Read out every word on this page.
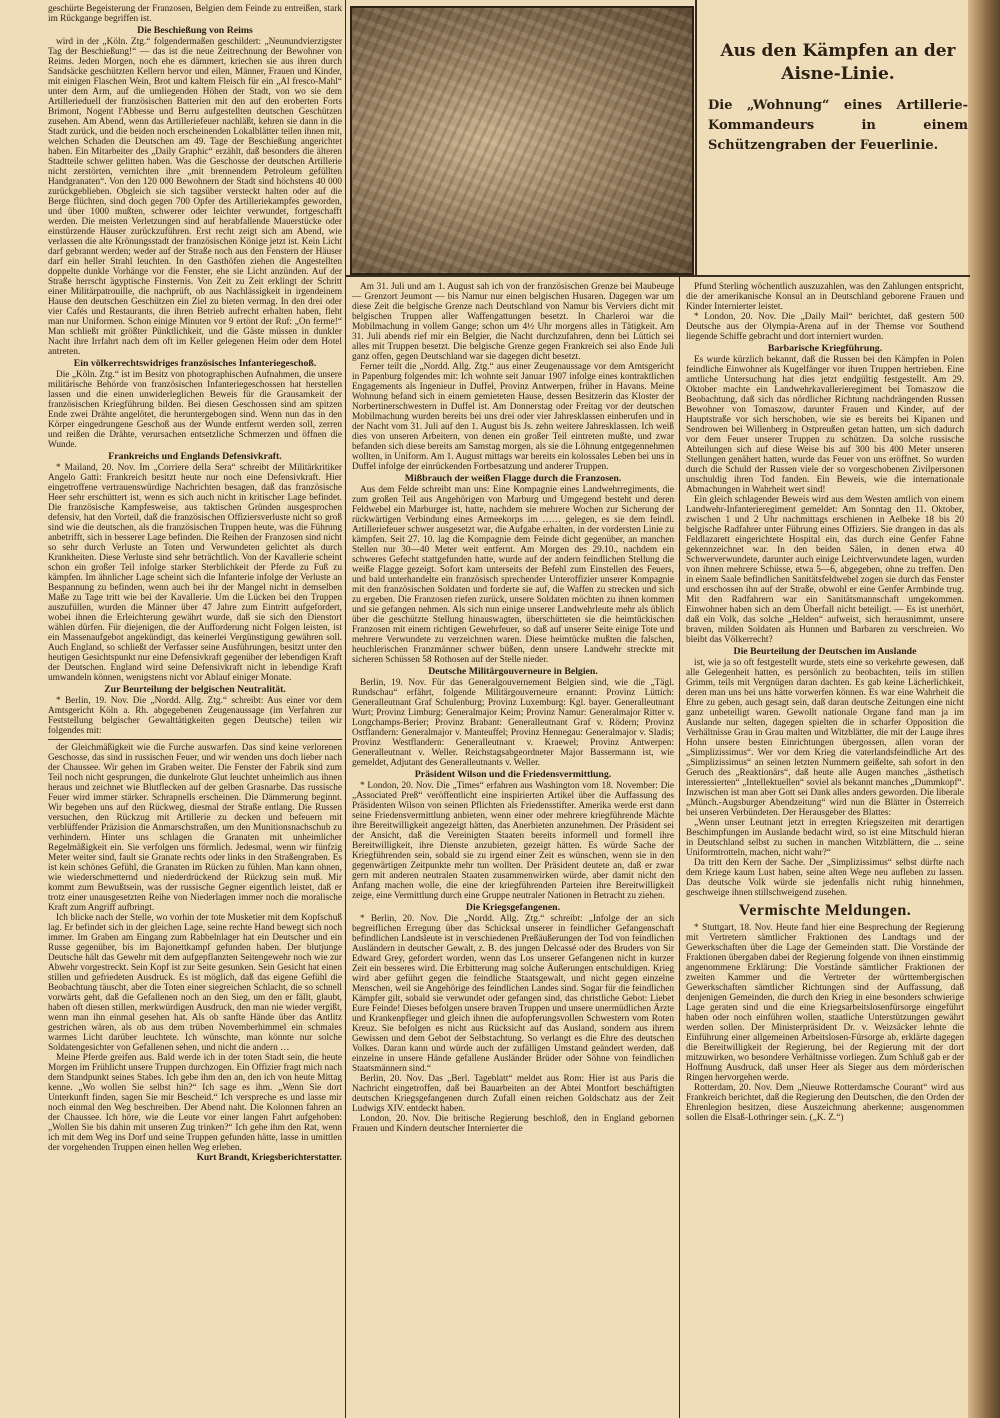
geschürte Begeisterung der Franzosen, Belgien dem Feinde zu entreißen, stark im Rückgange begriffen ist.

Die Beschießung von Reims

wird in der „Köln. Ztg.“ folgendermaßen geschildert: „Neunundvierzigster Tag der Beschießung!“ — das ist die neue Zeitrechnung der Bewohner von Reims. Jeden Morgen, noch ehe es dämmert, kriechen sie aus ihren durch Sandsäcke geschützten Kellern hervor und eilen, Männer, Frauen und Kinder, mit einigen Flaschen Wein, Brot und kaltem Fleisch für ein „Al fresco-Mahl“ unter dem Arm, auf die umliegenden Höhen der Stadt, von wo sie dem Artillerieduell der französischen Batterien mit den auf den eroberten Forts Brimont, Nogent l'Abbesse und Berru aufgestellten deutschen Geschützen zusehen. Am Abend, wenn das Artilleriefeuer nachläßt, kehren sie dann in die Stadt zurück, und die beiden noch erscheinenden Lokalblätter teilen ihnen mit, welchen Schaden die Deutschen am 49. Tage der Beschießung angerichtet haben. Ein Mitarbeiter des „Daily Graphic“ erzählt, daß besonders die älteren Stadtteile schwer gelitten haben. Was die Geschosse der deutschen Artillerie nicht zerstörten, vernichten ihre „mit brennendem Petroleum gefüllten Handgranaten“. Von den 120 000 Bewohnern der Stadt sind höchstens 40 000 zurückgeblieben. Obgleich sie sich tagsüber versteckt halten oder auf die Berge flüchten, sind doch gegen 700 Opfer des Artilleriekampfes geworden, und über 1000 mußten, schwerer oder leichter verwundet, fortgeschafft werden. Die meisten Verletzungen sind auf herabfallende Mauerstücke oder einstürzende Häuser zurückzuführen. Erst recht zeigt sich am Abend, wie verlassen die alte Krönungsstadt der französischen Könige jetzt ist. Kein Licht darf gebrannt werden; weder auf der Straße noch aus den Fenstern der Häuser darf ein heller Strahl leuchten. In den Gasthöfen ziehen die Angestellten doppelte dunkle Vorhänge vor die Fenster, ehe sie Licht anzünden. Auf der Straße herrscht ägyptische Finsternis. Von Zeit zu Zeit erklingt der Schritt einer Militärpatrouille, die nachprüft, ob aus Nachlässigkeit in irgendeinem Hause den deutschen Geschützen ein Ziel zu bieten vermag. In den drei oder vier Cafés und Restaurants, die ihren Betrieb aufrecht erhalten haben, fleht man nur Uniformen. Schon einige Minuten vor 9 ertönt der Ruf: „On ferme!“ Man schließt mit größter Pünktlichkeit, und die Gäste müssen in dunkler Nacht ihre Irrfahrt nach dem oft im Keller gelegenen Heim oder dem Hotel antreten.

Ein völkerrechtswidriges französisches Infanteriegeschoß.

Die „Köln. Ztg.“ ist im Besitz von photographischen Aufnahmen, die unsere militärische Behörde von französischen Infanteriegeschossen hat herstellen lassen und die einen unwiderleglichen Beweis für die Grausamkeit der französischen Kriegführung bilden. Bei diesen Geschossen sind am spitzen Ende zwei Drähte angelötet, die heruntergebogen sind. Wenn nun das in den Körper eingedrungene Geschoß aus der Wunde entfernt werden soll, zerren und reißen die Drähte, verursachen entsetzliche Schmerzen und öffnen die Wunde.

Frankreichs und Englands Defensivkraft.

* Mailand, 20. Nov. Im „Corriere della Sera“ schreibt der Militärkritiker Angelo Gatti: Frankreich besitzt heute nur noch eine Defensivkraft. Hier eingetroffene vertrauenswürdige Nachrichten besagen, daß das französische Heer sehr erschüttert ist, wenn es sich auch nicht in kritischer Lage befindet. Die französische Kampfesweise, aus taktischen Gründen ausgesprochen defensiv, hat den Vorteil, daß die französischen Offiziersverluste nicht so groß sind wie die deutschen, als die französischen Truppen heute, was die Führung anbetrifft, sich in besserer Lage befinden. Die Reihen der Franzosen sind nicht so sehr durch Verluste an Toten und Verwundeten gelichtet als durch Krankheiten. Diese Verluste sind sehr beträchtlich. Von der Kavallerie scheint schon ein großer Teil infolge starker Sterblichkeit der Pferde zu Fuß zu kämpfen. Im ähnlicher Lage scheint sich die Infanterie infolge der Verluste an Bespannung zu befinden, wenn auch bei ihr der Mangel nicht in demselben Maße zu Tage tritt wie bei der Kavallerie. Um die Lücken bei den Truppen auszufüllen, wurden die Männer über 47 Jahre zum Eintritt aufgefordert, wobei ihnen die Erleichterung gewährt wurde, daß sie sich den Dienstort wählen dürfen. Für diejenigen, die der Aufforderung nicht Folgen leisten, ist ein Massenaufgebot angekündigt, das keinerlei Vergünstigung gewähren soll. Auch England, so schließt der Verfasser seine Ausführungen, besitzt unter den heutigen Gesichtspunkt nur eine Defensivkraft gegenüber der lebendigen Kraft der Deutschen. England wird seine Defensivkraft nicht in lebendige Kraft umwandeln können, wenigstens nicht vor Ablauf einiger Monate.

Zur Beurteilung der belgischen Neutralität.

* Berlin, 19. Nov. Die „Nordd. Allg. Ztg.“ schreibt: Aus einer vor dem Amtsgericht Köln a. Rh. abgegebenen Zeugenaussage (im Verfahren zur Feststellung belgischer Gewalttätigkeiten gegen Deutsche) teilen wir folgendes mit:

der Gleichmäßigkeit wie die Furche auswarfen. Das sind keine verlorenen Geschosse, das sind in russischen Feuer, und wir wenden uns doch lieber nach der Chaussee. Wir gehen im Graben weiter. Die Fenster der Fabrik sind zum Teil noch nicht gesprungen, die dunkelrote Glut leuchtet unheimlich aus ihnen heraus und zeichnet wie Blutflecken auf der gelben Grasnarbe. Das russische Feuer wird immer stärker. Schrapnells erscheinen. Die Dämmerung beginnt. Wir begeben uns auf den Rückweg, diesmal der Straße entlang. Die Russen versuchen, den Rückzug mit Artillerie zu decken und befeuern mit verblüffender Präzision die Anmarschstraßen, um den Munitionsnachschub zu verhindern. Hinter uns schlagen die Granaten mit unheimlicher Regelmäßigkeit ein. Sie verfolgen uns förmlich. Jedesmal, wenn wir fünfzig Meter weiter sind, fault sie Granate rechts oder links in den Straßengraben. Es ist kein schönes Gefühl, die Granaten im Rücken zu fühlen. Man kann ohnen, wie wiederschmetternd und niederdrückend der Rückzug sein muß. Mir kommt zum Bewußtsein, was der russische Gegner eigentlich leistet, daß er trotz einer unausgesetzten Reihe von Niederlagen immer noch die moralische Kraft zum Angriff aufbringt.

Ich blicke nach der Stelle, wo vorhin der tote Musketier mit dem Kopfschuß lag. Er befindet sich in der gleichen Lage, seine rechte Hand bewegt sich noch immer. Im Graben am Eingang zum Rabbelnlager hat ein Deutscher und ein Russe gegenüber, bis im Bajonettkampf gefunden haben. Der blutjunge Deutsche hält das Gewehr mit dem aufgepflanzten Seitengewehr noch wie zur Abwehr vorgestreckt. Sein Kopf ist zur Seite gesunken. Sein Gesicht hat einen stillen und gefriedeten Ausdruck. Es ist möglich, daß das eigene Gefühl die Beobachtung täuscht, aber die Toten einer siegreichen Schlacht, die so schnell vorwärts geht, daß die Gefallenen noch an den Sieg, um den er fällt, glaubt, haben oft diesen stillen, merkwürdigen Ausdruck, den man nie wieder vergißt, wenn man ihn einmal gesehen hat. Als ob sanfte Hände über das Antlitz gestrichen wären, als ob aus dem trüben Novemberhimmel ein schmales warmes Licht darüber leuchtete. Ich wünschte, man könnte nur solche Soldatengesichter von Gefallenen sehen, und nicht die andern …

Meine Pferde greifen aus. Bald werde ich in der toten Stadt sein, die heute Morgen im Frühlicht unsere Truppen durchzogen. Ein Offizier fragt mich nach dem Standpunkt seines Stabes. Ich gebe ihm den an, den ich von heute Mittag kenne. „Wo wollen Sie selbst hin?“ Ich sage es ihm. „Wenn Sie dort Unterkunft finden, sagen Sie mir Bescheid.“ Ich verspreche es und lasse mir noch einmal den Weg beschreiben. Der Abend naht. Die Kolonnen fahren an der Chaussee. Ich höre, wie die Leute vor einer langen Fahrt aufgehoben: „Wollen Sie bis dahin mit unseren Zug trinken?“ Ich gehe ihm den Rat, wenn ich mit dem Weg ins Dorf und seine Truppen gefunden hätte, lasse in umittlen der vorgehenden Truppen einen hellen Weg erleben.

Kurt Brandt, Kriegsberichterstatter.
Aus den Kämpfen an der Aisne-Linie.
Die „Wohnung“ eines Artillerie-Kommandeurs in einem Schützengraben der Feuerlinie.

Am 31. Juli und am 1. August sah ich von der französischen Grenze bei Maubeuge — Grenzort Jeumont — bis Namur nur einen belgischen Husaren. Dagegen war um diese Zeit die belgische Grenze nach Deutschland von Namur bis Verviers dicht mit belgischen Truppen aller Waffengattungen besetzt. In Charleroi war die Mobilmachung in vollem Gange; schon um 4½ Uhr morgens alles in Tätigkeit. Am 31. Juli abends rief mir ein Belgier, die Nacht durchzufahren, denn bei Lüttich sei alles mit Truppen besetzt. Die belgische Grenze gegen Frankreich sei also Ende Juli ganz offen, gegen Deutschland war sie dagegen dicht besetzt.

Ferner teilt die „Nordd. Allg. Ztg.“ aus einer Zeugenaussage vor dem Amtsgericht in Papenburg folgendes mit: Ich wohnte seit Januar 1907 infolge eines kontraktlichen Engagements als Ingenieur in Duffel, Provinz Antwerpen, früher in Havans. Meine Wohnung befand sich in einem gemieteten Hause, dessen Besitzerin das Kloster der Norbertinerschwestern in Duffel ist. Am Donnerstag oder Freitag vor der deutschen Mobilmachung wurden bereits bei uns drei oder vier Jahresklassen einberufen und in der Nacht vom 31. Juli auf den 1. August bis Js. zehn weitere Jahresklassen. Ich weiß dies von unseren Arbeitern, von denen ein großer Teil eintreten mußte, und zwar befanden sich diese bereits am Samstag morgen, als sie die Löhnung entgegennehmen wollten, in Uniform. Am 1. August mittags war bereits ein kolossales Leben bei uns in Duffel infolge der einrückenden Fortbesatzung und anderer Truppen.

Mißbrauch der weißen Flagge durch die Franzosen.

Aus dem Felde schreibt man uns: Eine Kompagnie eines Landwehrregiments, die zum großen Teil aus Angehörigen von Marburg und Umgegend besteht und deren Feldwebel ein Marburger ist, hatte, nachdem sie mehrere Wochen zur Sicherung der rückwärtigen Verbindung eines Armeekorps im …… gelegen, es sie dem feindl. Artilleriefeuer schwer ausgesetzt war, die Aufgabe erhalten, in der vordersten Linie zu kämpfen. Seit 27. 10. lag die Kompagnie dem Feinde dicht gegenüber, an manchen Stellen nur 30—40 Meter weit entfernt. Am Morgen des 29.10., nachdem ein schweres Gefecht stattgefunden hatte, wurde auf der andern feindlichen Stellung die weiße Flagge gezeigt. Sofort kam unterseits der Befehl zum Einstellen des Feuers, und bald unterhandelte ein französisch sprechender Unteroffizier unserer Kompagnie mit den französischen Soldaten und forderte sie auf, die Waffen zu strecken und sich zu ergeben. Die Franzosen riefen zurück, unsere Soldaten möchten zu ihnen kommen und sie gefangen nehmen. Als sich nun einige unserer Landwehrleute mehr als üblich über die geschützte Stellung hinauswagten, überschütteten sie die heimtückischen Franzosen mit einem richtigen Gewehrfeuer, so daß auf unserer Seite einige Tote und mehrere Verwundete zu verzeichnen waren. Diese heimtücke mußten die falschen, heuchlerischen Franzmänner schwer büßen, denn unsere Landwehr streckte mit sicheren Schüssen 58 Rothosen auf der Stelle nieder.

Deutsche Militärgouverneure in Belgien.

Berlin, 19. Nov. Für das Generalgouvernement Belgien sind, wie die „Tägl. Rundschau“ erfährt, folgende Militärgouverneure ernannt: Provinz Lüttich: Generalleutnant Graf Schulenburg; Provinz Luxemburg: Kgl. bayer. Generalleutnant Wurt; Provinz Limburg: Generalmajor Keim; Provinz Namur: Generalmajor Ritter v. Longchamps-Berier; Provinz Brabant: Generalleutnant Graf v. Rödern; Provinz Ostflandern: Generalmajor v. Manteuffel; Provinz Hennegau: Generalmajor v. Sladis; Provinz Westflandern: Generalleutnant v. Kraewel; Provinz Antwerpen: Generalleutnant v. Weller. Reichstagsabgeordneter Major Bassermann ist, wie gemeldet, Adjutant des Generalleutnants v. Weller.

Präsident Wilson und die Friedensvermittlung.

* London, 20. Nov. Die „Times“ erfahren aus Washington vom 18. November: Die „Associated Preß“ veröffentlicht eine inspirierten Artikel über die Auffassung des Präsidenten Wilson von seinen Pflichten als Friedensstifter. Amerika werde erst dann seine Friedensvermittlung anbieten, wenn einer oder mehrere kriegführende Mächte ihre Bereitwilligkeit angezeigt hätten, das Anerbieten anzunehmen. Der Präsident sei der Ansicht, daß die Vereinigten Staaten bereits informell und formell ihre Bereitwilligkeit, ihre Dienste anzubieten, gezeigt hätten. Es würde Sache der Kriegführenden sein, sobald sie zu irgend einer Zeit es wünschen, wenn sie in den gegenwärtigen Zeitpunkte mehr tun wollten. Der Präsident deutete an, daß er zwar gern mit anderen neutralen Staaten zusammenwirken würde, aber damit nicht den Anfang machen wolle, die eine der kriegführenden Parteien ihre Bereitwilligkeit zeige, eine Vermittlung durch eine Gruppe neutraler Nationen in Betracht zu ziehen.

Die Kriegsgefangenen.

* Berlin, 20. Nov. Die „Nordd. Allg. Ztg.“ schreibt: „Infolge der an sich begreiflichen Erregung über das Schicksal unserer in feindlicher Gefangenschaft befindlichen Landsleute ist in verschiedenen Preßäußerungen der Tod von feindlichen Ausländern in deutscher Gewalt, z. B. des jungen Delcassé oder des Bruders von Sir Edward Grey, gefordert worden, wenn das Los unserer Gefangenen nicht in kurzer Zeit ein besseres wird. Die Erbitterung mag solche Äußerungen entschuldigen. Krieg wird aber geführt gegen die feindliche Staatsgewalt, und nicht gegen einzelne Menschen, weil sie Angehörige des feindlichen Landes sind. Sogar für die feindlichen Kämpfer gilt, sobald sie verwundet oder gefangen sind, das christliche Gebot: Liebet Eure Feinde! Dieses befolgen unsere braven Truppen und unsere unermüdlichen Ärzte und Krankenpfleger und gleich ihnen die aufopferungsvollen Schwestern vom Roten Kreuz. Sie befolgen es nicht aus Rücksicht auf das Ausland, sondern aus ihrem Gewissen und dem Gebot der Selbstachtung. So verlangt es die Ehre des deutschen Volkes. Daran kann und würde auch der zufälligen Umstand geändert werden, daß einzelne in unsere Hände gefallene Ausländer Brüder oder Söhne von feindlichen Staatsmännern sind.“

Berlin, 20. Nov. Das „Berl. Tageblatt“ meldet aus Rom: Hier ist aus Paris die Nachricht eingetroffen, daß bei Bauarbeiten an der Abtei Montfort beschäftigten deutschen Kriegsgefangenen durch Zufall einen reichen Goldschatz aus der Zeit Ludwigs XIV. entdeckt haben.

London, 20. Nov. Die britische Regierung beschloß, den in England gebornen Frauen und Kindern deutscher Internierter die

Pfund Sterling wöchentlich auszuzahlen, was den Zahlungen entspricht, die der amerikanische Konsul an in Deutschland geborene Frauen und Kinder Internierter leistet.

* London, 20. Nov. Die „Daily Mail“ berichtet, daß gestern 500 Deutsche aus der Olympia-Arena auf in der Themse vor Southend liegende Schiffe gebracht und dort interniert wurden.

Barbarische Kriegführung.

Es wurde kürzlich bekannt, daß die Russen bei den Kämpfen in Polen feindliche Einwohner als Kugelfänger vor ihren Truppen hertrieben. Eine amtliche Untersuchung hat dies jetzt endgültig festgestellt. Am 29. Oktober machte ein Landwehrkavallerieregiment bei Tomaszow die Beobachtung, daß sich das nördlicher Richtung nachdrängenden Russen Bewohner von Tomaszow, darunter Frauen und Kinder, auf der Hauptstraße vor sich herschoben, wie sie es bereits bei Kipanen und Sendrowen bei Willenberg in Ostpreußen getan hatten, um sich dadurch vor dem Feuer unserer Truppen zu schützen. Da solche russische Abteilungen sich auf diese Weise bis auf 300 bis 400 Meter unseren Stellungen genähert hatten, wurde das Feuer von uns eröffnet. So wurden durch die Schuld der Russen viele der so vorgeschobenen Zivilpersonen unschuldig ihren Tod fanden. Ein Beweis, wie die internationale Abmachungen in Wahrheit wert sind!

Ein gleich schlagender Beweis wird aus dem Westen amtlich von einem Landwehr-Infanterieregiment gemeldet: Am Sonntag den 11. Oktober, zwischen 1 und 2 Uhr nachmittags erschienen in Aelbeke 18 bis 20 belgische Radfahrer unter Führung eines Offiziers. Sie drangen in das als Feldlazarett eingerichtete Hospital ein, das durch eine Genfer Fahne gekennzeichnet war. In den beiden Sälen, in denen etwa 40 Schwerverwundete, darunter auch einige Leichtverwundete lagen, wurden von ihnen mehrere Schüsse, etwa 5—6, abgegeben, ohne zu treffen. Den in einem Saale befindlichen Sanitätsfeldwebel zogen sie durch das Fenster und erschossen ihn auf der Straße, obwohl er eine Genfer Armbinde trug. Mit den Radfahrern war ein Sanitätsmannschaft umgekommen. Einwohner haben sich an dem Überfall nicht beteiligt. — Es ist unerhört, daß ein Volk, das solche „Helden“ aufweist, sich herausnimmt, unsere braven, milden Soldaten als Hunnen und Barbaren zu verschreien. Wo bleibt das Völkerrecht?

Die Beurteilung der Deutschen im Auslande

ist, wie ja so oft festgestellt wurde, stets eine so verkehrte gewesen, daß alle Gelegenheit hatten, es persönlich zu beobachten, teils im stillen Grimm, teils mit Vergnügen daran dachten. Es gab keine Lächerlichkeit, deren man uns bei uns hätte vorwerfen können. Es war eine Wahrheit die Ehre zu geben, auch gesagt sein, daß daran deutsche Zeitungen eine nicht ganz unbeteiligt waren. Gewollt nationale Organe fand man ja im Auslande nur selten, dagegen spielten die in scharfer Opposition die Verhältnisse Grau in Grau malten und Witzblätter, die mit der Lauge ihres Hohn unsere besten Einrichtungen übergossen, allen voran der „Simplizissimus“. Wer vor dem Krieg die vaterlandsfeindliche Art des „Simplizissimus“ an seinen letzten Nummern geißelte, sah sofort in den Geruch des „Reaktionärs“, daß heute alle Augen manches „ästhetisch interessierten“ „Intellektuellen“ soviel als bekannt manches „Dummkopf“. Inzwischen ist man aber Gott sei Dank alles anders geworden. Die liberale „Münch.-Augsburger Abendzeitung“ wird nun die Blätter in Österreich bei unseren Verbündeten. Der Herausgeber des Blattes:

„Wenn unser Leutnant jetzt in erregten Kriegszeiten mit derartigen Beschimpfungen im Auslande bedacht wird, so ist eine Mitschuld hieran in Deutschland selbst zu suchen in manchen Witzblättern, die ... seine Uniformtrotteln, machen, nicht wahr?“

Da tritt den Kern der Sache. Der „Simplizissimus“ selbst dürfte nach dem Kriege kaum Lust haben, seine alten Wege neu aufleben zu lassen. Das deutsche Volk würde sie jedenfalls nicht ruhig hinnehmen, geschweige ihnen stillschweigend zusehen.

Vermischte Meldungen.

* Stuttgart, 18. Nov. Heute fand hier eine Besprechung der Regierung mit Vertretern sämtlicher Fraktionen des Landtags und der Gewerkschaften über die Lage der Gemeinden statt. Die Vorstände der Fraktionen übergaben dabei der Regierung folgende von ihnen einstimmig angenommene Erklärung: Die Vorstände sämtlicher Fraktionen der zweiten Kammer und die Vertreter der württembergischen Gewerkschaften sämtlicher Richtungen sind der Auffassung, daß denjenigen Gemeinden, die durch den Krieg in eine besonders schwierige Lage geraten sind und die eine Kriegsarbeitslosenfürsorge eingeführt haben oder noch einführen wollen, staatliche Unterstützungen gewährt werden sollen. Der Ministerpräsident Dr. v. Weizsäcker lehnte die Einführung einer allgemeinen Arbeitslosen-Fürsorge ab, erklärte dagegen die Bereitwilligkeit der Regierung, bei der Regierung mit der dort mitzuwirken, wo besondere Verhältnisse vorliegen. Zum Schluß gab er der Hoffnung Ausdruck, daß unser Heer als Sieger aus dem mörderischen Ringen hervorgehen werde.

Rotterdam, 20. Nov. Dem „Nieuwe Rotterdamsche Courant“ wird aus Frankreich berichtet, daß die Regierung den Deutschen, die den Orden der Ehrenlegion besitzen, diese Auszeichnung aberkenne; ausgenommen sollen die Elsaß-Lothringer sein. („K. Z.“)
